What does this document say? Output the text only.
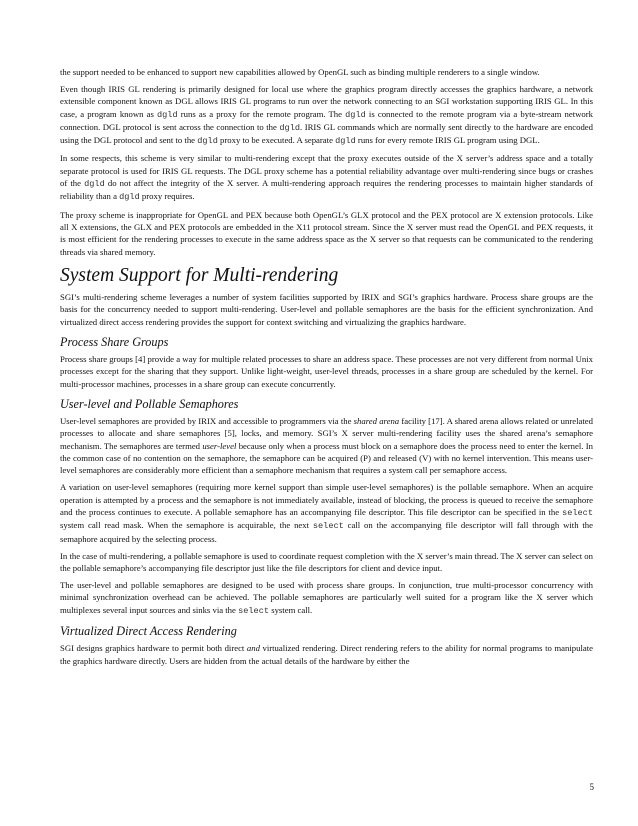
the support needed to be enhanced to support new capabilities allowed by OpenGL such as binding multiple renderers to a single window.

Even though IRIS GL rendering is primarily designed for local use where the graphics program directly accesses the graphics hardware, a network extensible component known as DGL allows IRIS GL programs to run over the network connecting to an SGI workstation supporting IRIS GL. In this case, a program known as dgld runs as a proxy for the remote program. The dgld is connected to the remote program via a byte-stream network connection. DGL protocol is sent across the connection to the dgld. IRIS GL commands which are normally sent directly to the hardware are encoded using the DGL protocol and sent to the dgld proxy to be executed. A separate dgld runs for every remote IRIS GL program using DGL.

In some respects, this scheme is very similar to multi-rendering except that the proxy executes outside of the X server’s address space and a totally separate protocol is used for IRIS GL requests. The DGL proxy scheme has a potential reliability advantage over multi-rendering since bugs or crashes of the dgld do not affect the integrity of the X server. A multi-rendering approach requires the rendering processes to maintain higher standards of reliability than a dgld proxy requires.

The proxy scheme is inappropriate for OpenGL and PEX because both OpenGL’s GLX protocol and the PEX protocol are X extension protocols. Like all X extensions, the GLX and PEX protocols are embedded in the X11 protocol stream. Since the X server must read the OpenGL and PEX requests, it is most efficient for the rendering processes to execute in the same address space as the X server so that requests can be communicated to the rendering threads via shared memory.

System Support for Multi-rendering

SGI’s multi-rendering scheme leverages a number of system facilities supported by IRIX and SGI’s graphics hardware. Process share groups are the basis for the concurrency needed to support multi-rendering. User-level and pollable semaphores are the basis for the efficient synchronization. And virtualized direct access rendering provides the support for context switching and virtualizing the graphics hardware.

Process Share Groups

Process share groups [4] provide a way for multiple related processes to share an address space. These processes are not very different from normal Unix processes except for the sharing that they support. Unlike light-weight, user-level threads, processes in a share group are scheduled by the kernel. For multi-processor machines, processes in a share group can execute concurrently.

User-level and Pollable Semaphores

User-level semaphores are provided by IRIX and accessible to programmers via the shared arena facility [17]. A shared arena allows related or unrelated processes to allocate and share semaphores [5], locks, and memory. SGI’s X server multi-rendering facility uses the shared arena’s semaphore mechanism. The semaphores are termed user-level because only when a process must block on a semaphore does the process need to enter the kernel. In the common case of no contention on the semaphore, the semaphore can be acquired (P) and released (V) with no kernel intervention. This means user-level semaphores are considerably more efficient than a semaphore mechanism that requires a system call per semaphore access.

A variation on user-level semaphores (requiring more kernel support than simple user-level semaphores) is the pollable semaphore. When an acquire operation is attempted by a process and the semaphore is not immediately available, instead of blocking, the process is queued to receive the semaphore and the process continues to execute. A pollable semaphore has an accompanying file descriptor. This file descriptor can be specified in the select system call read mask. When the semaphore is acquirable, the next select call on the accompanying file descriptor will fall through with the semaphore acquired by the selecting process.

In the case of multi-rendering, a pollable semaphore is used to coordinate request completion with the X server’s main thread. The X server can select on the pollable semaphore’s accompanying file descriptor just like the file descriptors for client and device input.

The user-level and pollable semaphores are designed to be used with process share groups. In conjunction, true multi-processor concurrency with minimal synchronization overhead can be achieved. The pollable semaphores are particularly well suited for a program like the X server which multiplexes several input sources and sinks via the select system call.

Virtualized Direct Access Rendering

SGI designs graphics hardware to permit both direct and virtualized rendering. Direct rendering refers to the ability for normal programs to manipulate the graphics hardware directly. Users are hidden from the actual details of the hardware by either the

5
